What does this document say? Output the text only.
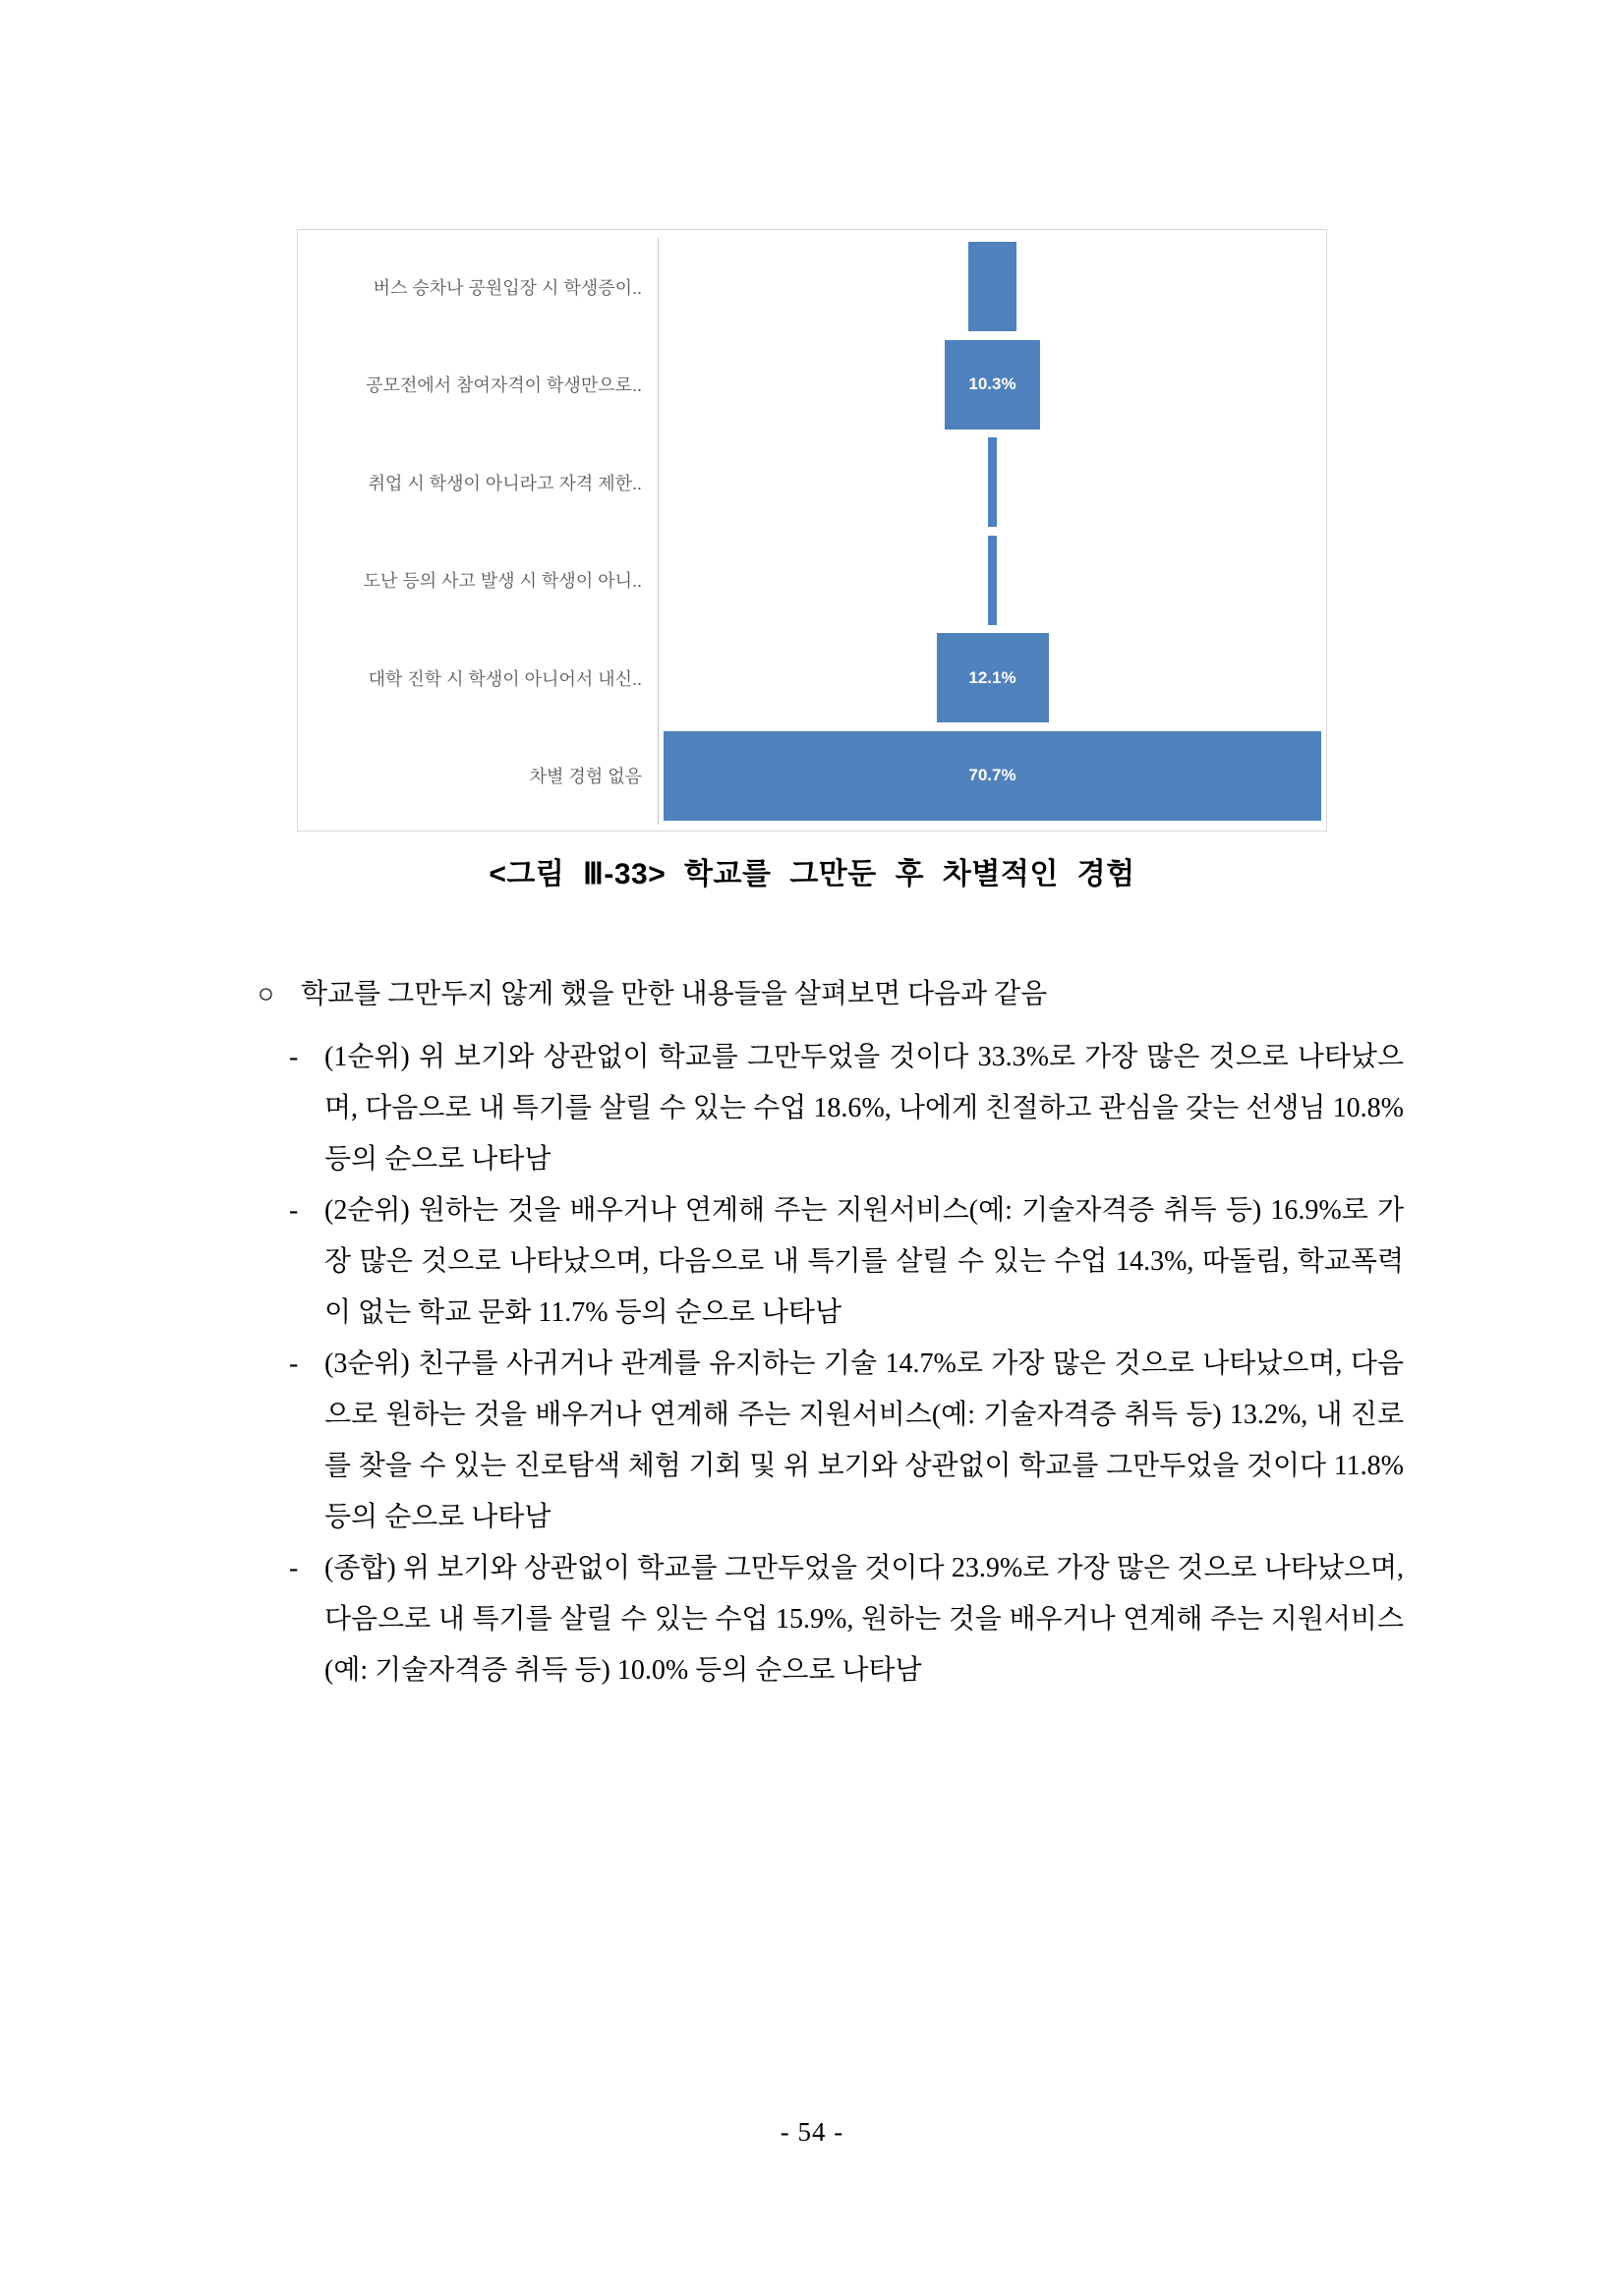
버스 승차나 공원입장 시 학생증이..
공모전에서 참여자격이 학생만으로..	10.3%
취업 시 학생이 아니라고 자격 제한..
도난 등의 사고 발생 시 학생이 아니..
대학 진학 시 학생이 아니어서 내신..	12.1%
차별 경험 없음	70.7%
<그림 Ⅲ-33> 학교를 그만둔 후 차별적인 경험
○ 학교를 그만두지 않게 했을 만한 내용들을 살펴보면 다음과 같음
- (1순위) 위 보기와 상관없이 학교를 그만두었을 것이다 33.3%로 가장 많은 것으로 나타났으며, 다음으로 내 특기를 살릴 수 있는 수업 18.6%, 나에게 친절하고 관심을 갖는 선생님 10.8% 등의 순으로 나타남
- (2순위) 원하는 것을 배우거나 연계해 주는 지원서비스(예: 기술자격증 취득 등) 16.9%로 가장 많은 것으로 나타났으며, 다음으로 내 특기를 살릴 수 있는 수업 14.3%, 따돌림, 학교폭력이 없는 학교 문화 11.7% 등의 순으로 나타남
- (3순위) 친구를 사귀거나 관계를 유지하는 기술 14.7%로 가장 많은 것으로 나타났으며, 다음으로 원하는 것을 배우거나 연계해 주는 지원서비스(예: 기술자격증 취득 등) 13.2%, 내 진로를 찾을 수 있는 진로탐색 체험 기회 및 위 보기와 상관없이 학교를 그만두었을 것이다 11.8% 등의 순으로 나타남
- (종합) 위 보기와 상관없이 학교를 그만두었을 것이다 23.9%로 가장 많은 것으로 나타났으며, 다음으로 내 특기를 살릴 수 있는 수업 15.9%, 원하는 것을 배우거나 연계해 주는 지원서비스(예: 기술자격증 취득 등) 10.0% 등의 순으로 나타남
- 54 -
